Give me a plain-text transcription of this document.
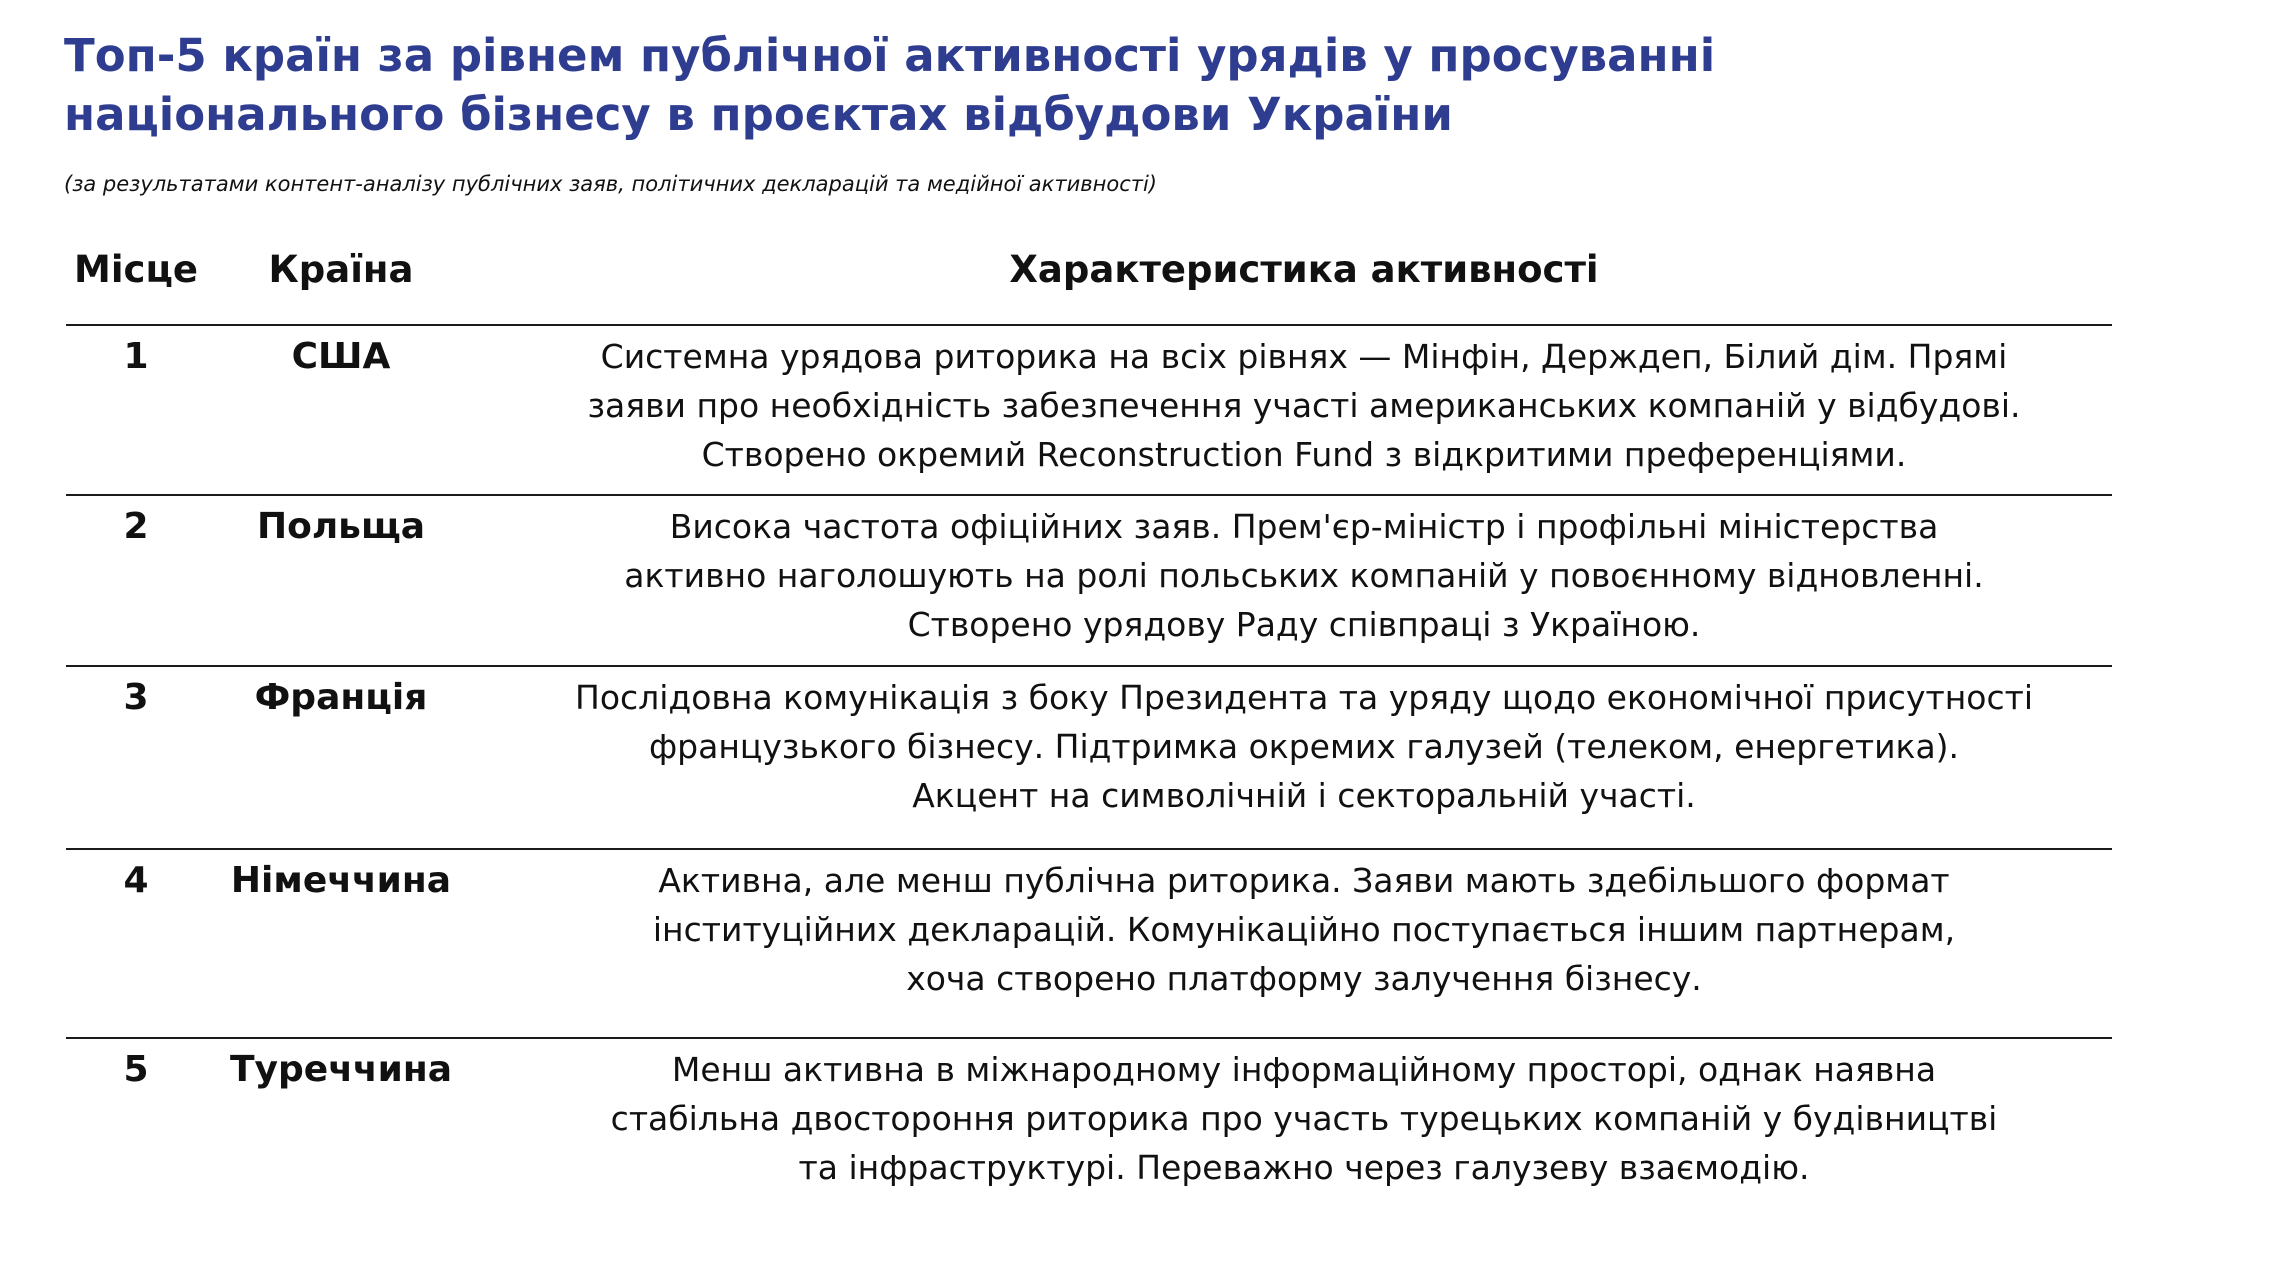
Топ-5 країн за рівнем публічної активності урядів у просуванні
національного бізнесу в проєктах відбудови України

(за результатами контент-аналізу публічних заяв, політичних декларацій та медійної активності)

Місце	Країна	Характеристика активності
1	США	Системна урядова риторика на всіх рівнях — Мінфін, Держдеп, Білий дім. Прямі
заяви про необхідність забезпечення участі американських компаній у відбудові.
Створено окремий Reconstruction Fund з відкритими преференціями.
2	Польща	Висока частота офіційних заяв. Прем'єр-міністр і профільні міністерства
активно наголошують на ролі польських компаній у повоєнному відновленні.
Створено урядову Раду співпраці з Україною.
3	Франція	Послідовна комунікація з боку Президента та уряду щодо економічної присутності
французького бізнесу. Підтримка окремих галузей (телеком, енергетика).
Акцент на символічній і секторальній участі.
4	Німеччина	Активна, але менш публічна риторика. Заяви мають здебільшого формат
інституційних декларацій. Комунікаційно поступається іншим партнерам,
хоча створено платформу залучення бізнесу.
5	Туреччина	Менш активна в міжнародному інформаційному просторі, однак наявна
стабільна двостороння риторика про участь турецьких компаній у будівництві
та інфраструктурі. Переважно через галузеву взаємодію.
